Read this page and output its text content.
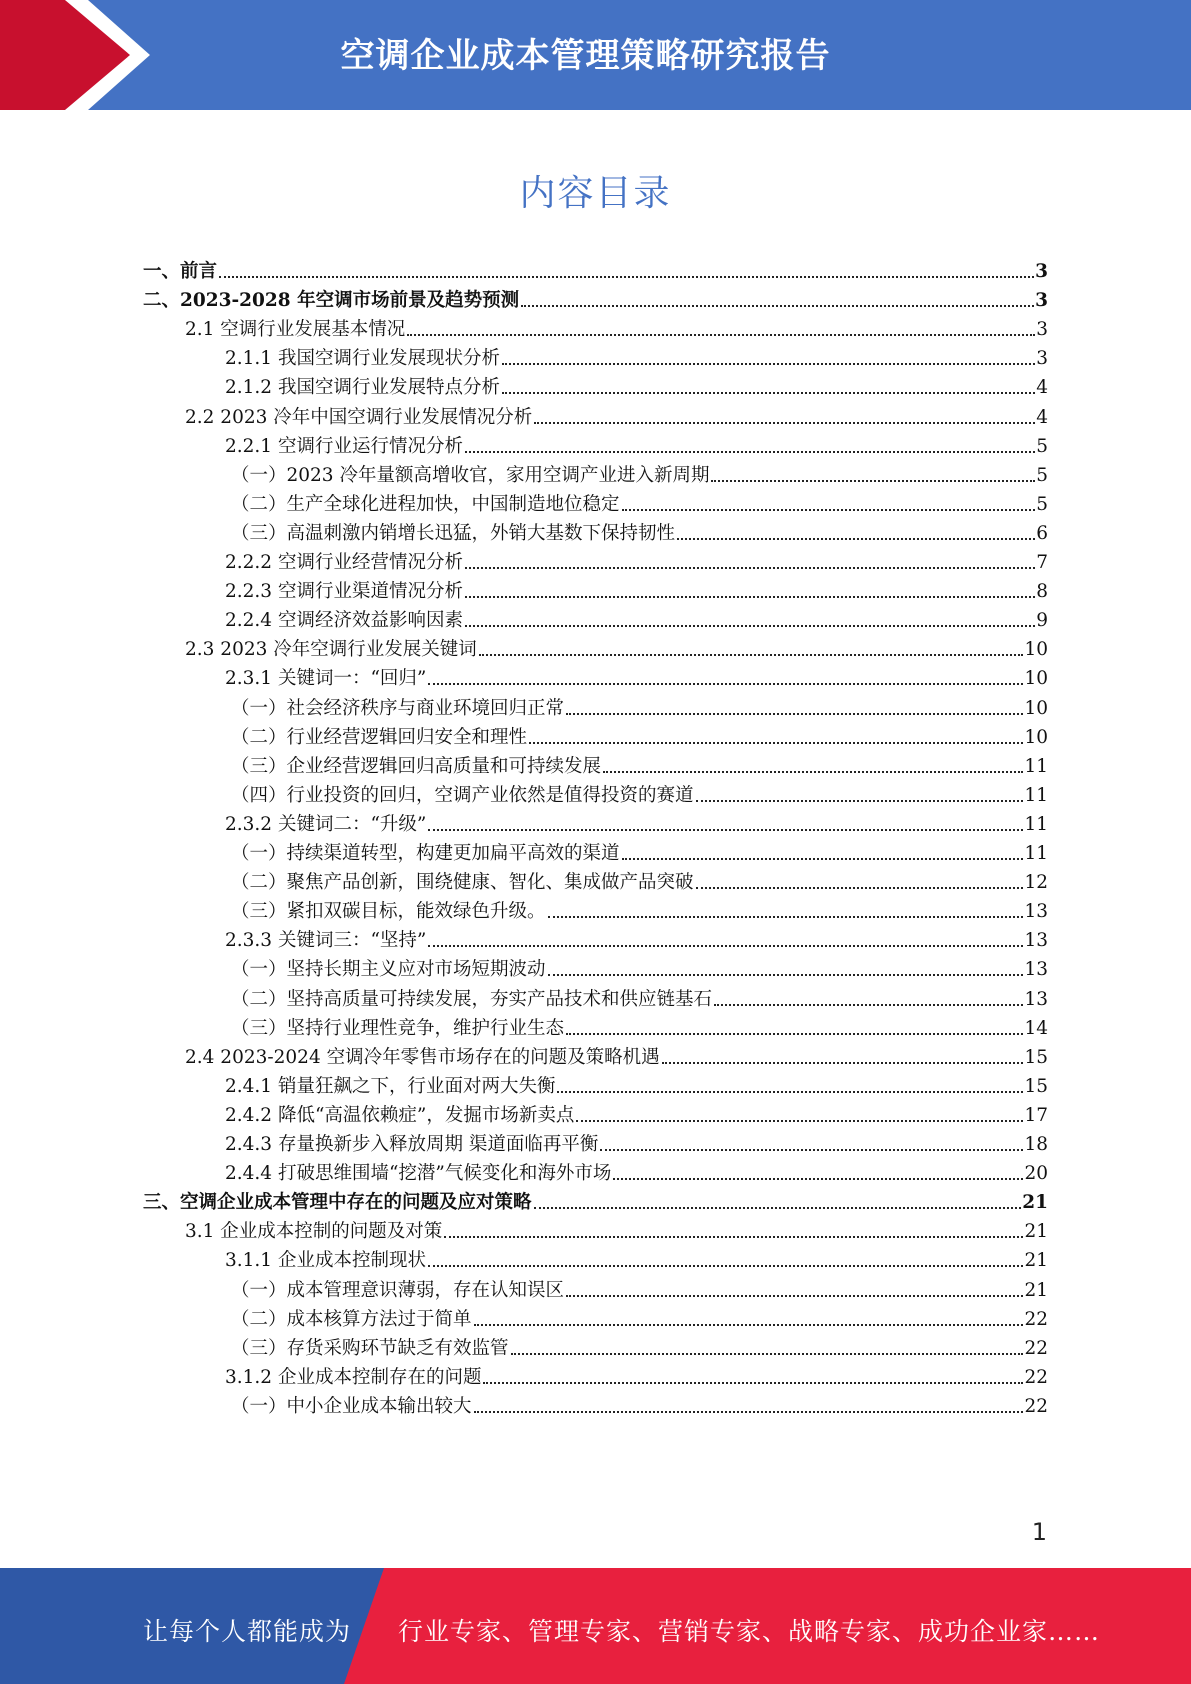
空调企业成本管理策略研究报告
内容目录
一、前言	3
二、2023-2028 年空调市场前景及趋势预测	3
2.1 空调行业发展基本情况	3
2.1.1 我国空调行业发展现状分析	3
2.1.2 我国空调行业发展特点分析	4
2.2 2023 冷年中国空调行业发展情况分析	4
2.2.1 空调行业运行情况分析	5
（一）2023 冷年量额高增收官，家用空调产业进入新周期	5
（二）生产全球化进程加快，中国制造地位稳定	5
（三）高温刺激内销增长迅猛，外销大基数下保持韧性	6
2.2.2 空调行业经营情况分析	7
2.2.3 空调行业渠道情况分析	8
2.2.4 空调经济效益影响因素	9
2.3 2023 冷年空调行业发展关键词	10
2.3.1 关键词一：“回归”	10
（一）社会经济秩序与商业环境回归正常	10
（二）行业经营逻辑回归安全和理性	10
（三）企业经营逻辑回归高质量和可持续发展	11
（四）行业投资的回归，空调产业依然是值得投资的赛道	11
2.3.2 关键词二：“升级”	11
（一）持续渠道转型，构建更加扁平高效的渠道	11
（二）聚焦产品创新，围绕健康、智化、集成做产品突破	12
（三）紧扣双碳目标，能效绿色升级。	13
2.3.3 关键词三：“坚持”	13
（一）坚持长期主义应对市场短期波动	13
（二）坚持高质量可持续发展，夯实产品技术和供应链基石	13
（三）坚持行业理性竞争，维护行业生态	14
2.4 2023-2024 空调冷年零售市场存在的问题及策略机遇	15
2.4.1 销量狂飙之下，行业面对两大失衡	15
2.4.2 降低“高温依赖症”，发掘市场新卖点	17
2.4.3 存量换新步入释放周期 渠道面临再平衡	18
2.4.4 打破思维围墙“挖潜”气候变化和海外市场	20
三、空调企业成本管理中存在的问题及应对策略	21
3.1 企业成本控制的问题及对策	21
3.1.1 企业成本控制现状	21
（一）成本管理意识薄弱，存在认知误区	21
（二）成本核算方法过于简单	22
（三）存货采购环节缺乏有效监管	22
3.1.2 企业成本控制存在的问题	22
（一）中小企业成本输出较大	22
1
让每个人都能成为 行业专家、管理专家、营销专家、战略专家、成功企业家……
